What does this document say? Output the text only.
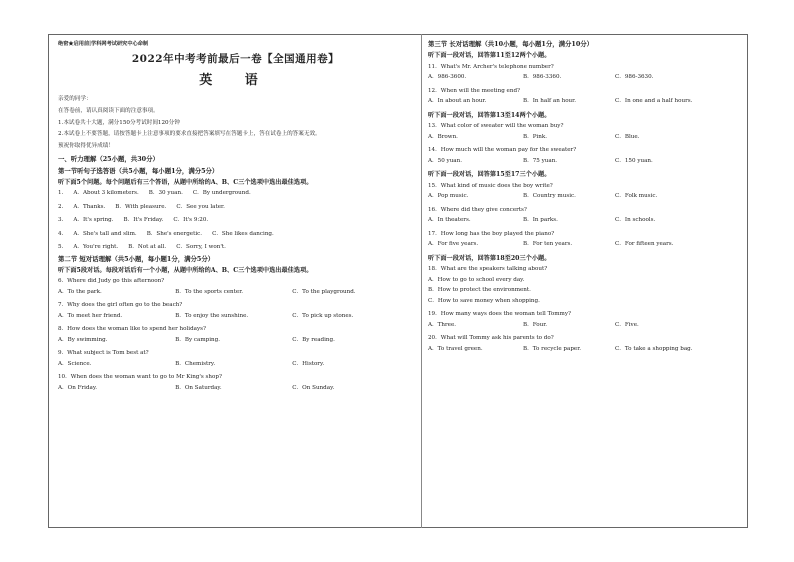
绝密★启用前|学科网考试研究中心命制
2022年中考考前最后一卷【全国通用卷】
英 语
亲爱的同学：
在答卷前，请认真阅读下面的注意事项。
1.本试卷共十大题，满分150分考试时间120分钟
2.本试卷上不要答题，请按答题卡上注意事项的要求直接把答案填写在答题卡上，答在试卷上的答案无效。
预祝你取得优异成绩！
一、听力理解（25小题，共30分）
第一节听句子选答语（共5小题，每小题1分，满分5分）
听下面5个问题。每个问题后有三个答语，从题中所给的A、B、C三个选项中选出最佳选项。
1. A．About 3 kilometers. B．30 yuan. C．By underground.
2. A．Thanks. B．With pleasure. C．See you later.
3. A．It's spring. B．It's Friday. C．It's 9:20.
4. A．She's tall and slim. B．She's energetic. C．She likes dancing.
5. A．You're right. B．Not at all. C．Sorry, I won't.
第二节 短对话理解（共5小题，每小题1分，满分5分）
听下面5段对话。每段对话后有一个小题，从题中所给的A、B、C三个选项中选出最佳选项。
6．Where did Judy go this afternoon?
A．To the park.	B．To the sports center.	C．To the playground.
7．Why does the girl often go to the beach?
A．To meet her friend.	B．To enjoy the sunshine.	C．To pick up stones.
8．How does the woman like to spend her holidays?
A．By swimming.	B．By camping.	C．By reading.
9．What subject is Tom best at?
A．Science.	B．Chemistry.	C．History.
10．When does the woman want to go to Mr King's shop?
A．On Friday.	B．On Saturday.	C．On Sunday.
第三节 长对话理解（共10小题，每小题1分，满分10分）
听下面一段对话，回答第11至12两个小题。
11．What's Mr. Archer's telephone number?
A．986-3600.	B．986-3360.	C．986-3630.
12．When will the meeting end?
A．In about an hour.	B．In half an hour.	C．In one and a half hours.
听下面一段对话，回答第13至14两个小题。
13．What color of sweater will the woman buy?
A．Brown.	B．Pink.	C．Blue.
14．How much will the woman pay for the sweater?
A．50 yuan.	B．75 yuan.	C．150 yuan.
听下面一段对话，回答第15至17三个小题。
15．What kind of music does the boy write?
A．Pop music.	B．Country music.	C．Folk music.
16．Where did they give concerts?
A．In theaters.	B．In parks.	C．In schools.
17．How long has the boy played the piano?
A．For five years.	B．For ten years.	C．For fifteen years.
听下面一段对话，回答第18至20三个小题。
18．What are the speakers talking about?
A．How to go to school every day.
B．How to protect the environment.
C．How to save money when shopping.
19．How many ways does the woman tell Tommy?
A．Three.	B．Four.	C．Five.
20．What will Tommy ask his parents to do?
A．To travel green.	B．To recycle paper.	C．To take a shopping bag.
